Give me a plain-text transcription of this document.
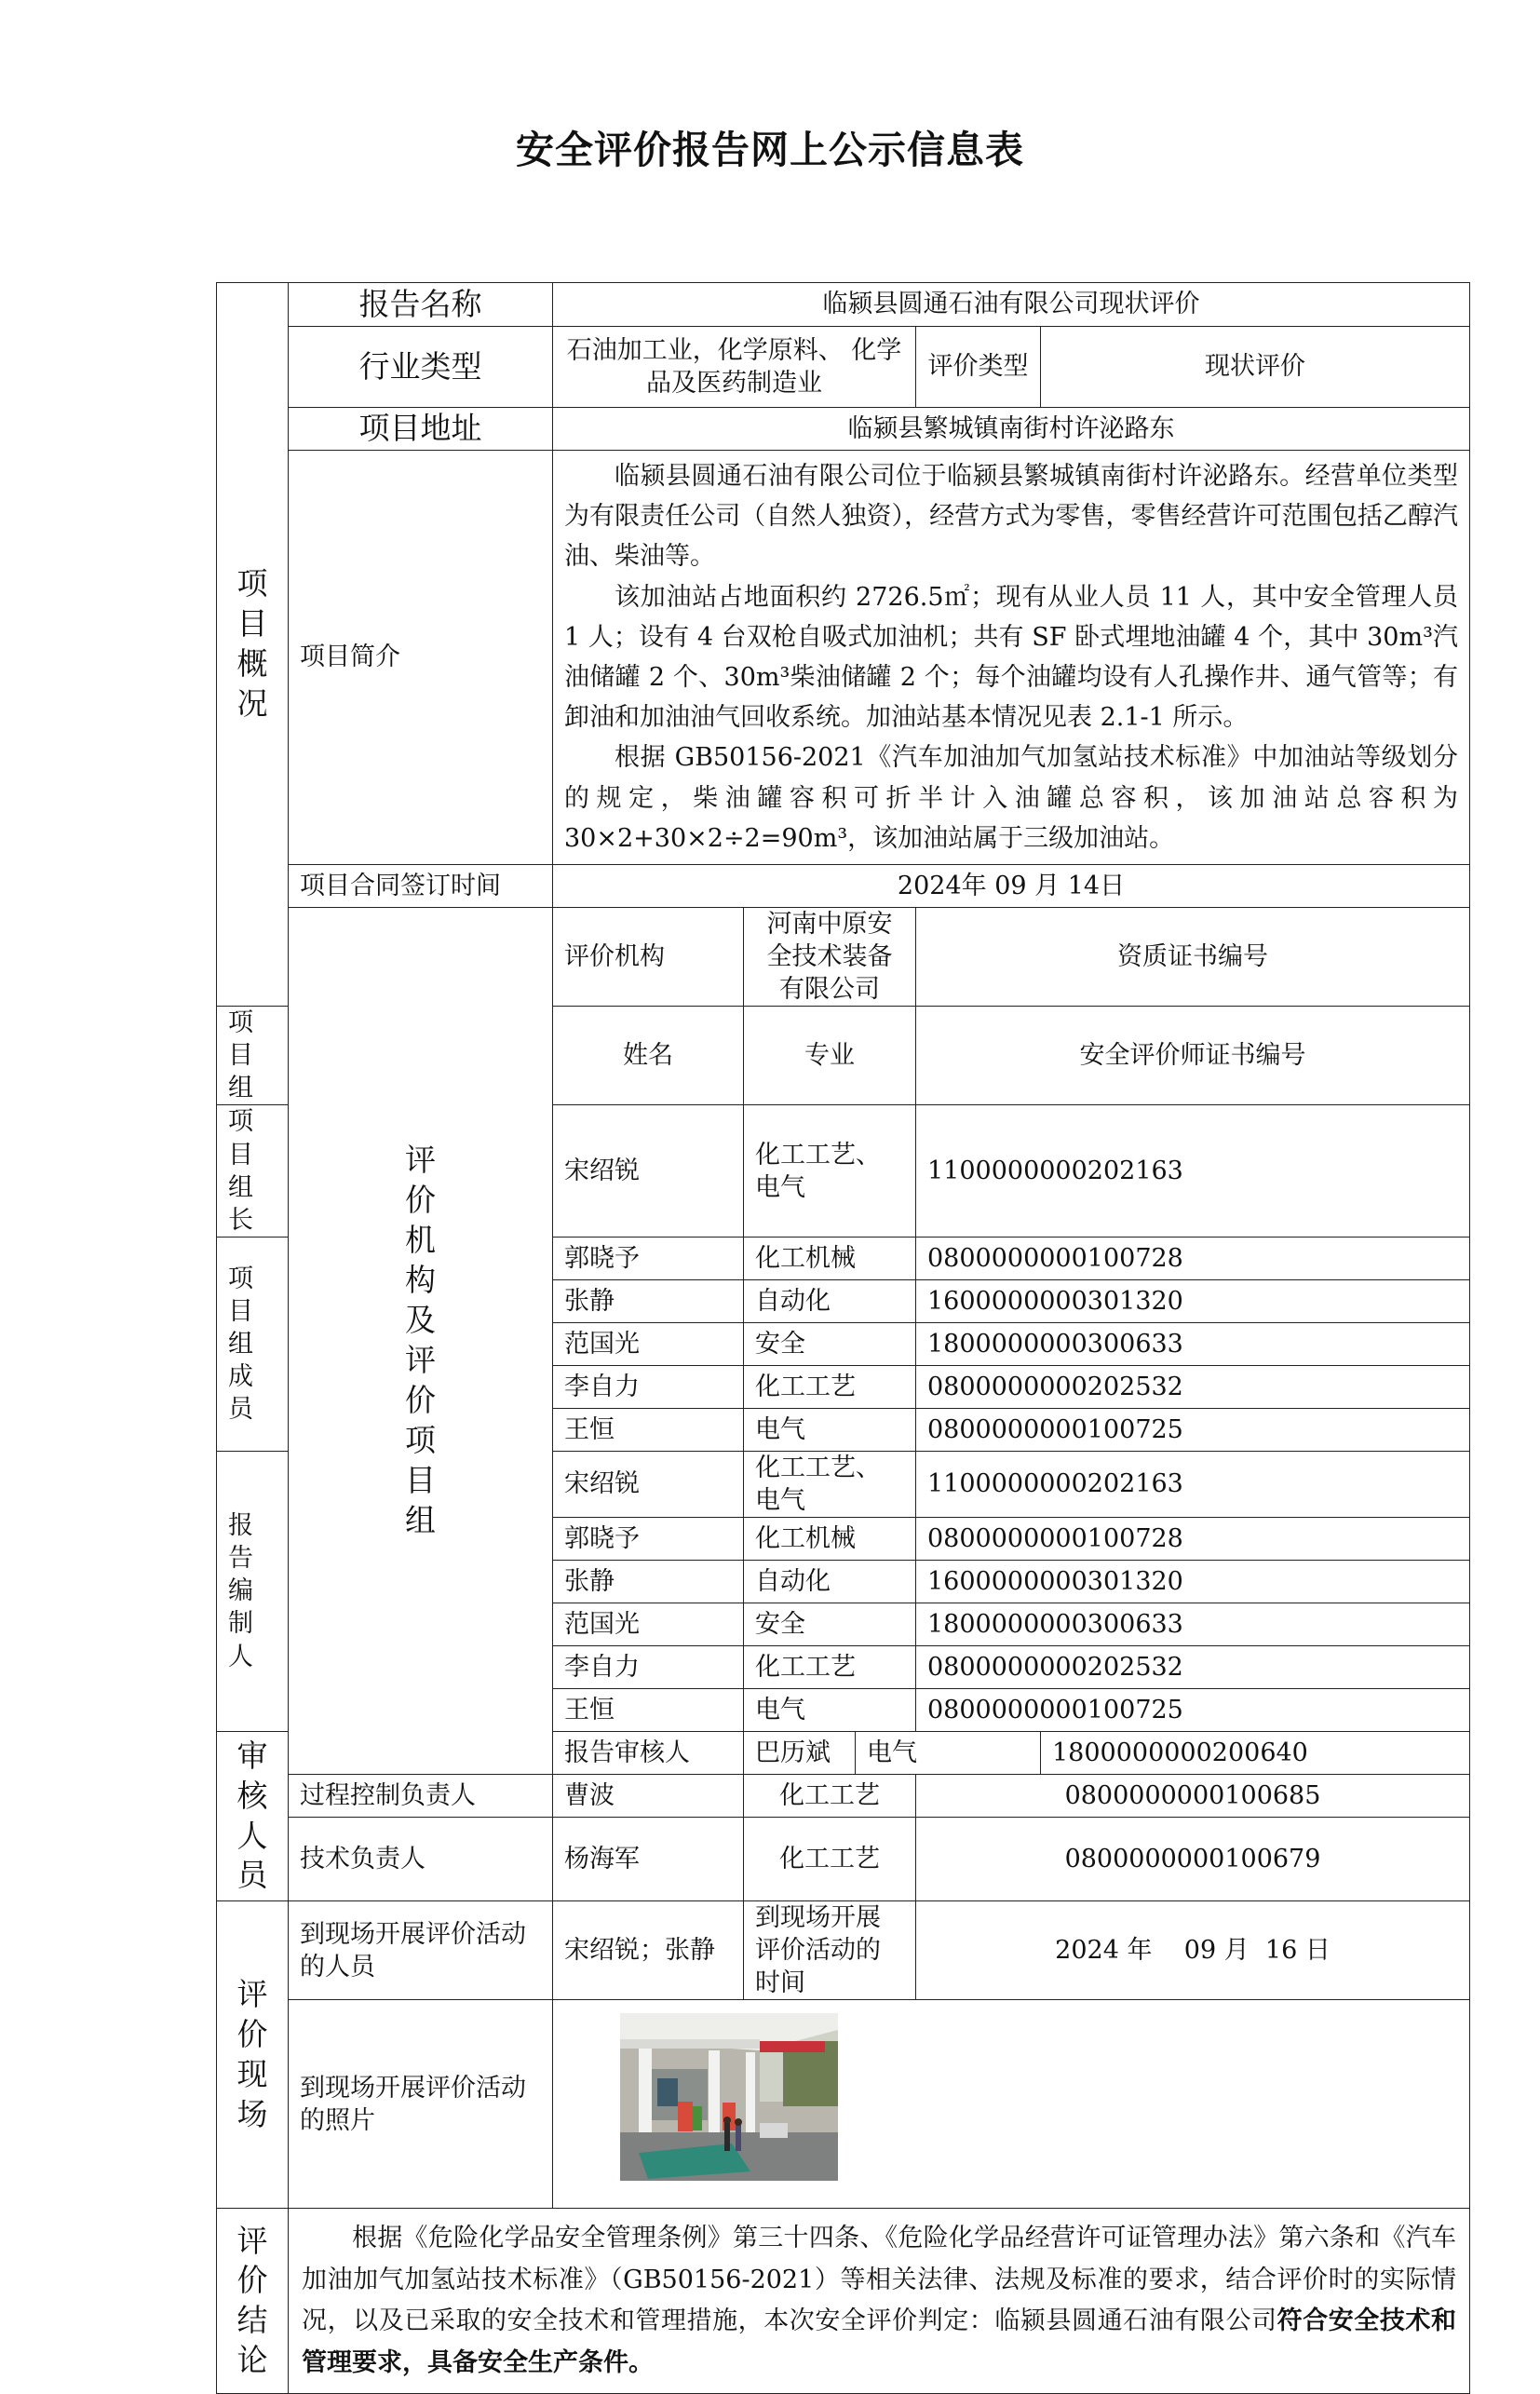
安全评价报告网上公示信息表
项目概况	报告名称	临颍县圆通石油有限公司现状评价					
	行业类型	石油加工业，化学原料、 化学品及医药制造业			评价类型	现状评价	
	项目地址	临颍县繁城镇南街村许泌路东					
	项目简介	临颍县圆通石油有限公司位于临颍县繁城镇南街村许泌路东。经营单位类型为有限责任公司（自然人独资），经营方式为零售，零售经营许可范围包括乙醇汽油、柴油等。

该加油站占地面积约 2726.5㎡；现有从业人员 11 人，其中安全管理人员 1 人；设有 4 台双枪自吸式加油机；共有 SF 卧式埋地油罐 4 个，其中 30m³汽油储罐 2 个、30m³柴油储罐 2 个；每个油罐均设有人孔操作井、通气管等；有卸油和加油油气回收系统。加油站基本情况见表 2.1-1 所示。

根据 GB50156-2021《汽车加油加气加氢站技术标准》中加油站等级划分的规定，柴油罐容积可折半计入油罐总容积，该加油站总容积为 30×2+30×2÷2=90m³，该加油站属于三级加油站。					

	项目合同签订时间	2024年 09 月 14日					

	评价机构及评价项目组	评价机构	河南中原安全技术装备有限公司		资质证书编号	
项目组		姓名	专业		安全评价师证书编号		
项目组长		宋绍锐	化工工艺、电气		1100000000202163		
项目组成员		郭晓予	化工机械		0800000000100728		
		张静	自动化		1600000000301320		
		范国光	安全		1800000000300633		
		李自力	化工工艺		0800000000202532		
		王恒	电气		0800000000100725		
报告编制人		宋绍锐	化工工艺、电气		1100000000202163		
		郭晓予	化工机械		0800000000100728		
		张静	自动化		1600000000301320		
		范国光	安全		1800000000300633		
		李自力	化工工艺		0800000000202532		
		王恒	电气		0800000000100725		

审核人员		报告审核人	巴历斌	电气		1800000000200640	
	过程控制负责人	曹波	化工工艺		0800000000100685		
	技术负责人	杨海军	化工工艺		0800000000100679		

评价现场	到现场开展评价活动的人员	宋绍锐；张静	到现场开展评价活动的时间		2024 年    09 月  16 日		
	到现场开展评价活动的照片	

评价结论	根据《危险化学品安全管理条例》第三十四条、《危险化学品经营许可证管理办法》第六条和《汽车加油加气加氢站技术标准》（GB50156-2021）等相关法律、法规及标准的要求，结合评价时的实际情况，以及已采取的安全技术和管理措施，本次安全评价判定：临颍县圆通石油有限公司符合安全技术和管理要求，具备安全生产条件。						
